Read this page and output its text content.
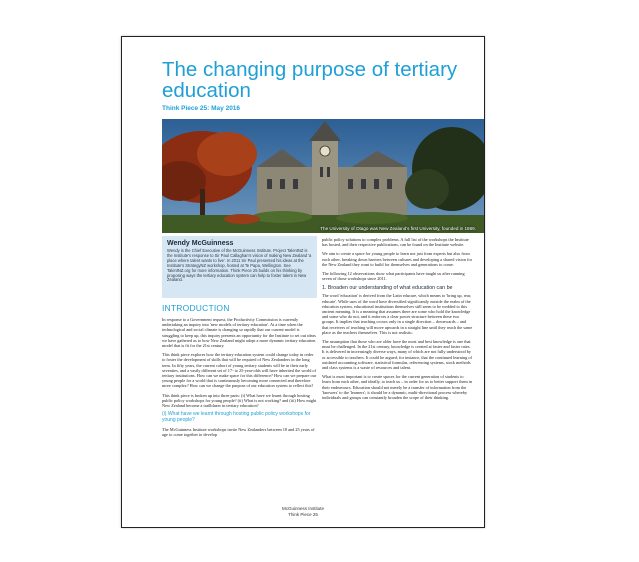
The changing purpose of tertiary education
Think Piece 25: May 2016
The University of Otago was New Zealand's first University, founded in 1869.
Wendy McGuinness
Wendy is the Chief Executive of the McGuinness Institute. Project TalentNZ is the Institute's response to Sir Paul Callaghan's vision of making New Zealand 'a place where talent wants to live'. In 2011 Sir Paul presented his ideas at the Institute's StrategyNZ workshop, hosted at Te Papa, Wellington. See TalentNZ.org for more information. Think Piece 25 builds on his thinking by proposing ways the tertiary education system can help to foster talent in New Zealand.
INTRODUCTION

In response to a Government request, the Productivity Commission is currently undertaking an inquiry into 'new models of tertiary education'. At a time when the technological and social climate is changing so rapidly that our current model is struggling to keep up, this inquiry presents an opportunity for the Institute to set out ideas we have gathered as to how New Zealand might adopt a more dynamic tertiary education model that is fit for the 21st century.

This think piece explores how the tertiary education system could change today in order to foster the development of skills that will be required of New Zealanders in the long term. In fifty years, the current cohort of young tertiary students will be in their early seventies, and a vastly different set of 17- to 25-year-olds will have inherited the world of tertiary institutions. How can we make space for this difference? How can we prepare our young people for a world that is continuously becoming more connected and therefore more complex? How can we change the purpose of our education system to reflect this?

This think piece is broken up into three parts: (i) What have we learnt through hosting public policy workshops for young people? (ii) What is not working? and (iii) How might New Zealand become a trailblazer in tertiary education?

(i) What have we learnt through hosting public policy workshops for young people?

The McGuinness Institute workshops invite New Zealanders between 18 and 25 years of age to come together to develop

public policy solutions to complex problems. A full list of the workshops the Institute has hosted, and their respective publications, can be found on the Institute website.

We aim to create a space for young people to learn not just from experts but also from each other, breaking down barriers between cultures and developing a shared vision for the New Zealand they want to build for themselves and generations to come.

The following 12 observations show what participants have taught us after running seven of those workshops since 2011.

1. Broaden our understanding of what education can be

The word 'education' is derived from the Latin educare, which means to 'bring up, rear, educate'. While uses of the word have diversified significantly outside the realm of the education system, educational institutions themselves still seem to be wedded to this ancient meaning. It is a meaning that assumes there are some who hold the knowledge and some who do not, and it enforces a clear power structure between these two groups. It implies that teaching occurs only in a single direction – downwards – and that receivers of teaching will move upwards in a straight line until they reach the same place as the teachers themselves. This is not realistic.

The assumption that those who are older have the most and best knowledge is one that must be challenged. In the 21st century, knowledge is created at faster and faster rates. It is delivered in increasingly diverse ways, many of which are not fully understood by or accessible to teachers. It could be argued, for instance, that the continued learning of outdated accounting software, statistical formulas, referencing systems, stock methods and class systems is a waste of resources and talent.

What is most important is to create spaces for the current generation of students to learn from each other, and ideally, to teach us – in order for us to better support them in their endeavours. Education should not merely be a transfer of information from the 'knowers' to the 'learners'; it should be a dynamic, multi-directional process whereby individuals and groups can constantly broaden the scope of their thinking.

McGuinness Institute
Think Piece 25
